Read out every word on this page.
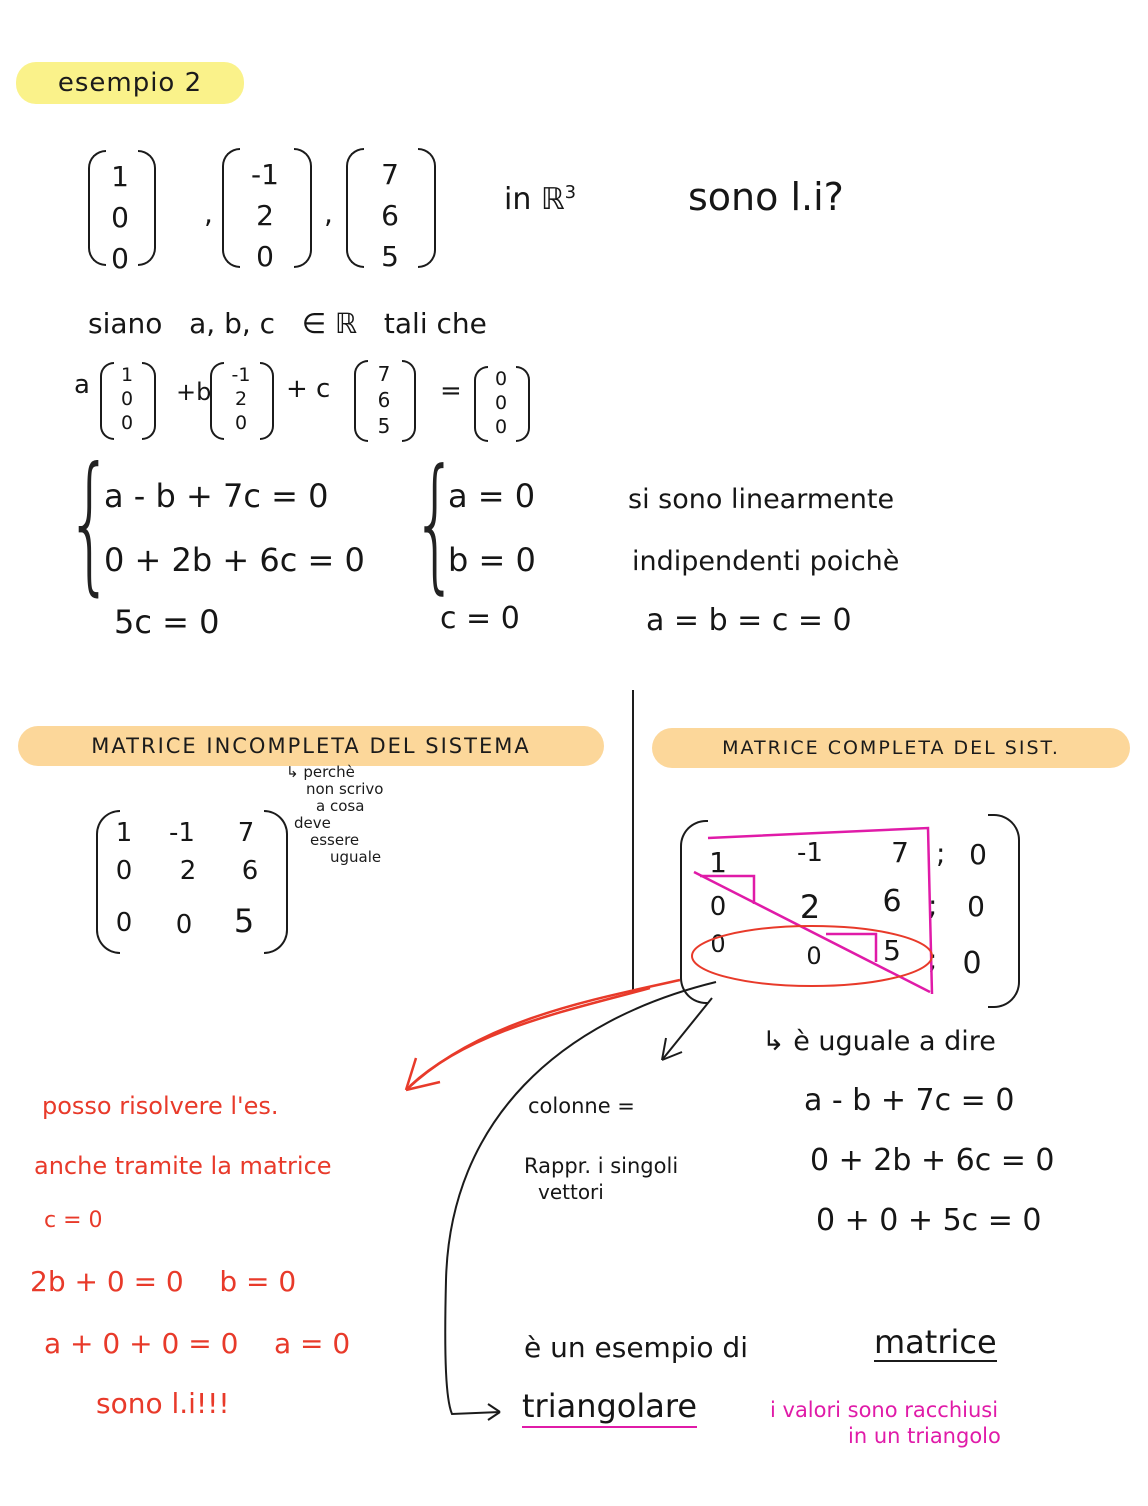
esempio 2
1
0
0
,
-1
2
0
,
7
6
5
in ℝ$^3$	sono l.i?
siano   a, b, c   ∈ ℝ   tali che
a 1
0
0
+b
-1
2
0
+ c 7
6
5
= 0
0
0
{
a - b + 7c = 0
0 + 2b + 6c = 0
5c = 0
{
a = 0
b = 0
c = 0
si sono linearmente
indipendenti poichè
a = b = c = 0
MATRICE INCOMPLETA DEL SISTEMA
↳ perchè
non scrivo
a cosa
deve
essere
uguale
1	-1	7
0	2	6
0	0	5
MATRICE COMPLETA DEL SIST.
1	-1	7 ; 0
0	2	6 ;	0
0	0	5 ; 0
↳ è uguale a dire
a - b + 7c = 0
0 + 2b + 6c = 0
0 + 0 + 5c = 0
colonne =
Rappr. i singoli
vettori
posso risolvere l'es.
anche tramite la matrice
c = 0
2b + 0 = 0    b = 0
a + 0 + 0 = 0    a = 0
sono l.i!!!
è un esempio di	matrice
triangolare	i valori sono racchiusi
in un triangolo
